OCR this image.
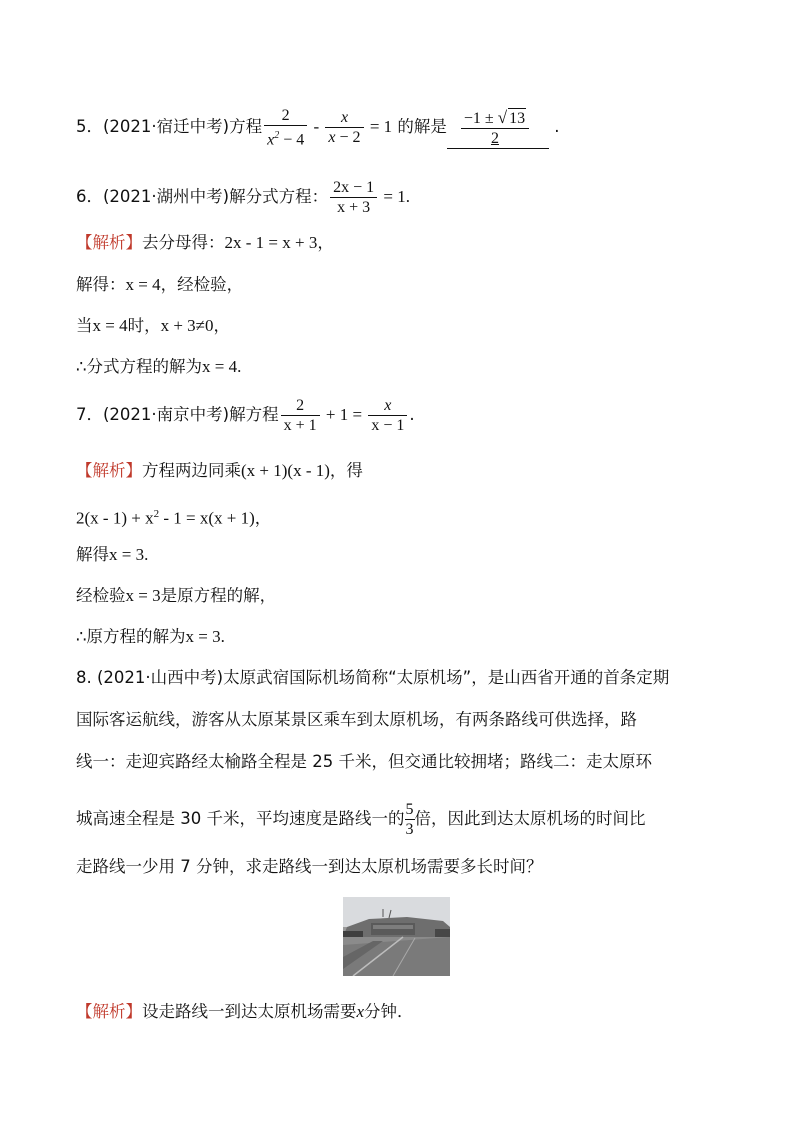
5．(2021·宿迁中考)方程 $\frac{2}{x^2 - 4} - \frac{x}{x - 2} = 1$ 的解是 $\frac{-1 \pm √ 13}{2}$ .
6．(2021·湖州中考)解分式方程： $\frac{2x - 1}{x + 3} = 1$.
【解析】去分母得：2x - 1 = x + 3，
解得：x = 4，经检验，
当x = 4时，x + 3≠0，
∴分式方程的解为x = 4.
7．(2021·南京中考)解方程 $\frac{2}{x + 1} + 1 = \frac{x}{x - 1}$ .
【解析】方程两边同乘(x + 1)(x - 1)，得
$2(x - 1) + x^2 - 1 = x(x + 1)$，
解得x = 3.
经检验x = 3是原方程的解，
∴原方程的解为x = 3.
8. (2021·山西中考)太原武宿国际机场简称“太原机场”，是山西省开通的首条定期
国际客运航线，游客从太原某景区乘车到太原机场，有两条路线可供选择，路
线一：走迎宾路经太榆路全程是 25 千米，但交通比较拥堵；路线二：走太原环
城高速全程是 30 千米，平均速度是路线一的 $\frac{5}{3}$ 倍，因此到达太原机场的时间比
走路线一少用 7 分钟，求走路线一到达太原机场需要多长时间？
【解析】设走路线一到达太原机场需要x分钟．
